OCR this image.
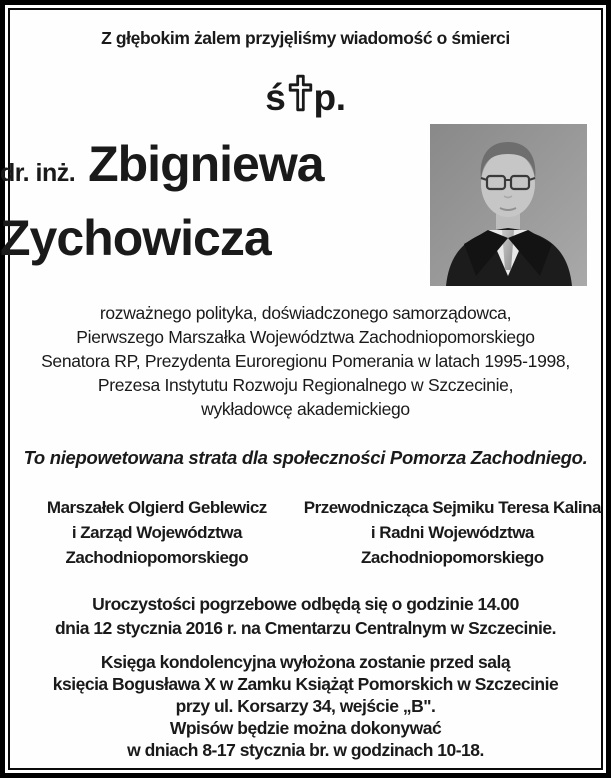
Z głębokim żalem przyjęliśmy wiadomość o śmierci
ś p.
dr. inż. Zbigniewa
Zychowicza
rozważnego polityka, doświadczonego samorządowca,
Pierwszego Marszałka Województwa Zachodniopomorskiego
Senatora RP, Prezydenta Euroregionu Pomerania w latach 1995-1998,
Prezesa Instytutu Rozwoju Regionalnego w Szczecinie,
wykładowcę akademickiego
To niepowetowana strata dla społeczności Pomorza Zachodniego.
Marszałek Olgierd Geblewicz
i Zarząd Województwa
Zachodniopomorskiego
Przewodnicząca Sejmiku Teresa Kalina
i Radni Województwa
Zachodniopomorskiego
Uroczystości pogrzebowe odbędą się o godzinie 14.00
dnia 12 stycznia 2016 r. na Cmentarzu Centralnym w Szczecinie.
Księga kondolencyjna wyłożona zostanie przed salą
księcia Bogusława X w Zamku Książąt Pomorskich w Szczecinie
przy ul. Korsarzy 34, wejście „B".
Wpisów będzie można dokonywać
w dniach 8-17 stycznia br. w godzinach 10-18.
